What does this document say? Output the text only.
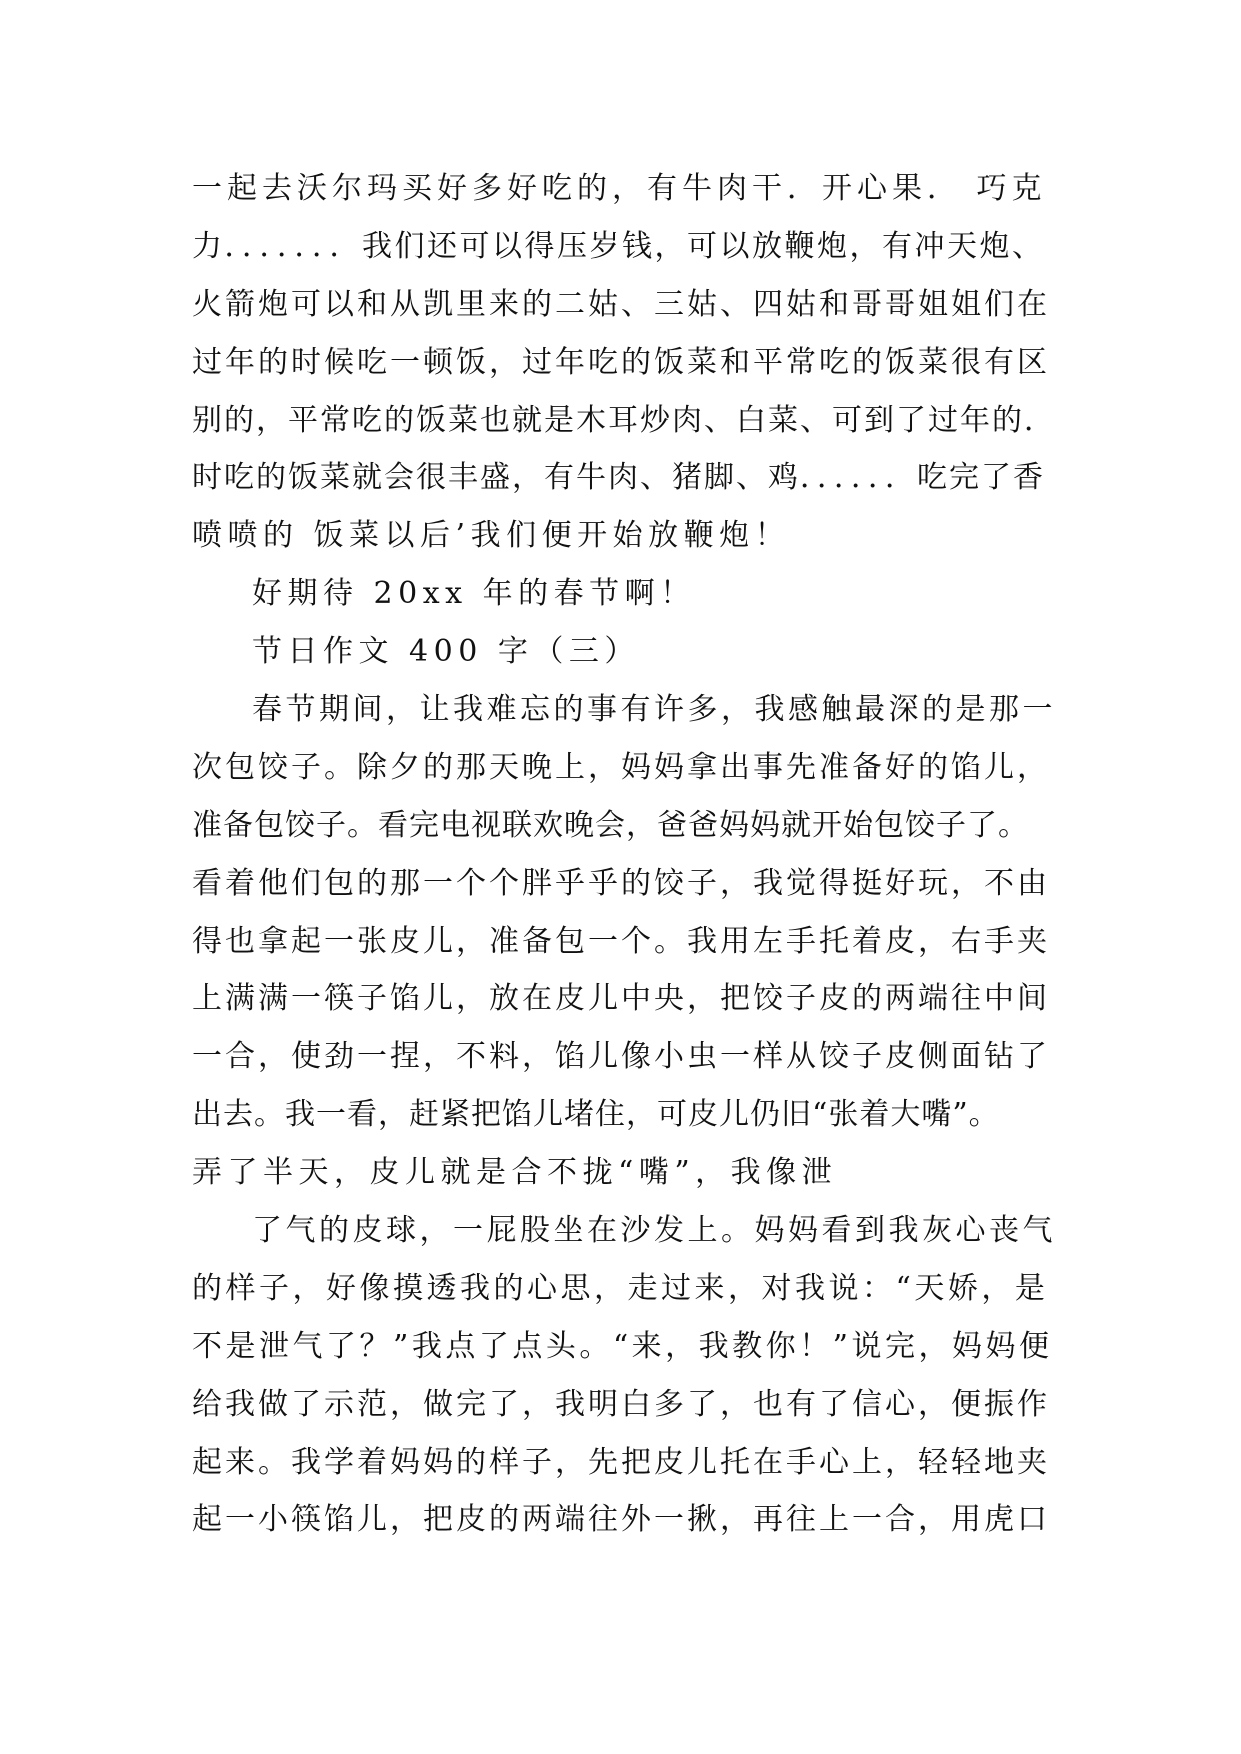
一起去沃尔玛买好多好吃的，有牛肉干．开心果． 巧克
力．．．．．．．我们还可以得压岁钱，可以放鞭炮，有冲天炮、
火箭炮可以和从凯里来的二姑、三姑、四姑和哥哥姐姐们在
过年的时候吃一顿饭，过年吃的饭菜和平常吃的饭菜很有区
别的，平常吃的饭菜也就是木耳炒肉、白菜、可到了过年的．
时吃的饭菜就会很丰盛，有牛肉、猪脚、鸡．．．．．．吃完了香
喷喷的 饭菜以后’我们便开始放鞭炮！
好期待 20xx 年的春节啊！
节日作文 400 字（三）
春节期间，让我难忘的事有许多，我感触最深的是那一
次包饺子。除夕的那天晚上，妈妈拿出事先准备好的馅儿，
准备包饺子。看完电视联欢晚会，爸爸妈妈就开始包饺子了。
看着他们包的那一个个胖乎乎的饺子，我觉得挺好玩，不由
得也拿起一张皮儿，准备包一个。我用左手托着皮，右手夹
上满满一筷子馅儿，放在皮儿中央，把饺子皮的两端往中间
一合，使劲一捏，不料，馅儿像小虫一样从饺子皮侧面钻了
出去。我一看，赶紧把馅儿堵住，可皮儿仍旧“张着大嘴”。
弄了半天，皮儿就是合不拢“嘴”，我像泄
了气的皮球，一屁股坐在沙发上。妈妈看到我灰心丧气
的样子，好像摸透我的心思，走过来，对我说：“天娇，是
不是泄气了？”我点了点头。“来，我教你！”说完，妈妈便
给我做了示范，做完了，我明白多了，也有了信心，便振作
起来。我学着妈妈的样子，先把皮儿托在手心上，轻轻地夹
起一小筷馅儿，把皮的两端往外一揪，再往上一合，用虎口
